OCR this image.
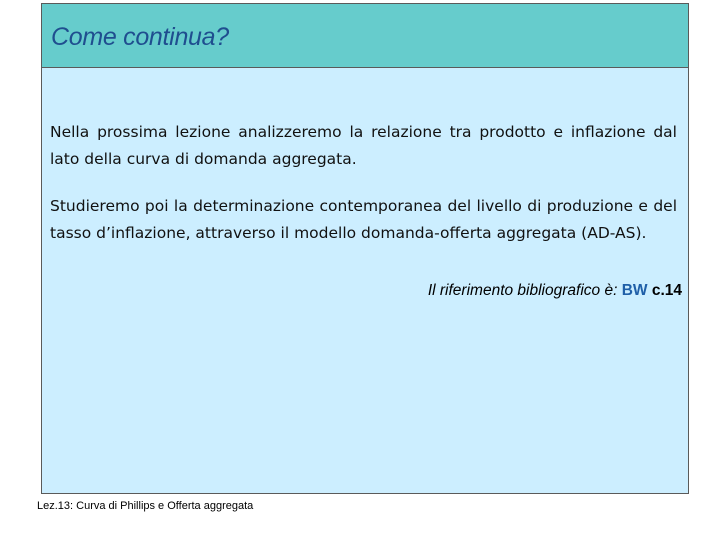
Come continua?

Nella prossima lezione analizzeremo la relazione tra prodotto e inflazione dal lato della curva di domanda aggregata.

Studieremo poi la determinazione contemporanea del livello di produzione e del tasso d’inflazione, attraverso il modello domanda-offerta aggregata (AD-AS).

Il riferimento bibliografico è: BW c.14
Lez.13: Curva di Phillips e Offerta aggregata
